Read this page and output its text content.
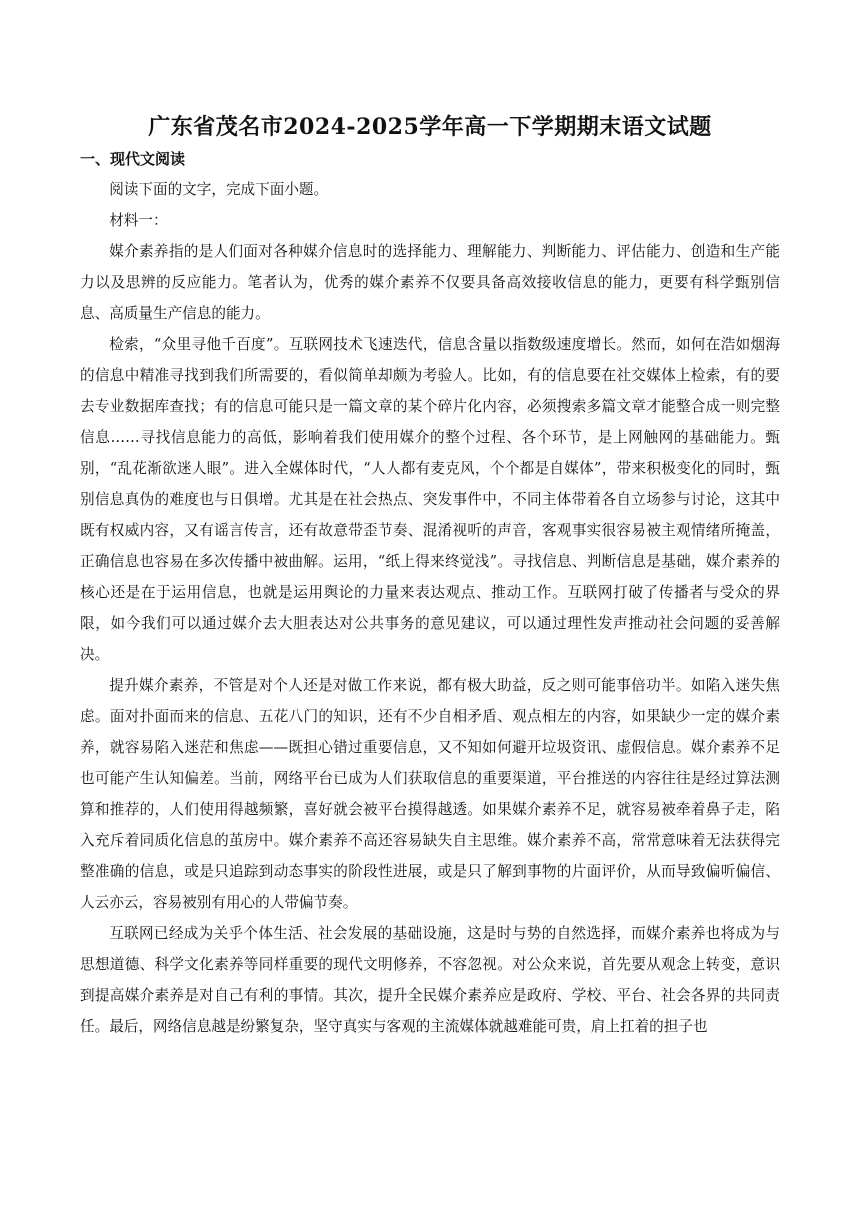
广东省茂名市2024-2025学年高一下学期期末语文试题
一、现代文阅读

阅读下面的文字，完成下面小题。

材料一：

媒介素养指的是人们面对各种媒介信息时的选择能力、理解能力、判断能力、评估能力、创造和生产能力以及思辨的反应能力。笔者认为，优秀的媒介素养不仅要具备高效接收信息的能力，更要有科学甄别信息、高质量生产信息的能力。

检索，“众里寻他千百度”。互联网技术飞速迭代，信息含量以指数级速度增长。然而，如何在浩如烟海的信息中精准寻找到我们所需要的，看似简单却颇为考验人。比如，有的信息要在社交媒体上检索，有的要去专业数据库查找；有的信息可能只是一篇文章的某个碎片化内容，必须搜索多篇文章才能整合成一则完整信息……寻找信息能力的高低，影响着我们使用媒介的整个过程、各个环节，是上网触网的基础能力。甄别，“乱花渐欲迷人眼”。进入全媒体时代，“人人都有麦克风，个个都是自媒体”，带来积极变化的同时，甄别信息真伪的难度也与日俱增。尤其是在社会热点、突发事件中，不同主体带着各自立场参与讨论，这其中既有权威内容，又有谣言传言，还有故意带歪节奏、混淆视听的声音，客观事实很容易被主观情绪所掩盖，正确信息也容易在多次传播中被曲解。运用，“纸上得来终觉浅”。寻找信息、判断信息是基础，媒介素养的核心还是在于运用信息，也就是运用舆论的力量来表达观点、推动工作。互联网打破了传播者与受众的界限，如今我们可以通过媒介去大胆表达对公共事务的意见建议，可以通过理性发声推动社会问题的妥善解决。

提升媒介素养，不管是对个人还是对做工作来说，都有极大助益，反之则可能事倍功半。如陷入迷失焦虑。面对扑面而来的信息、五花八门的知识，还有不少自相矛盾、观点相左的内容，如果缺少一定的媒介素养，就容易陷入迷茫和焦虑——既担心错过重要信息，又不知如何避开垃圾资讯、虚假信息。媒介素养不足也可能产生认知偏差。当前，网络平台已成为人们获取信息的重要渠道，平台推送的内容往往是经过算法测算和推荐的，人们使用得越频繁，喜好就会被平台摸得越透。如果媒介素养不足，就容易被牵着鼻子走，陷入充斥着同质化信息的茧房中。媒介素养不高还容易缺失自主思维。媒介素养不高，常常意味着无法获得完整准确的信息，或是只追踪到动态事实的阶段性进展，或是只了解到事物的片面评价，从而导致偏听偏信、人云亦云，容易被别有用心的人带偏节奏。

互联网已经成为关乎个体生活、社会发展的基础设施，这是时与势的自然选择，而媒介素养也将成为与思想道德、科学文化素养等同样重要的现代文明修养，不容忽视。对公众来说，首先要从观念上转变，意识到提高媒介素养是对自己有利的事情。其次，提升全民媒介素养应是政府、学校、平台、社会各界的共同责任。最后，网络信息越是纷繁复杂，坚守真实与客观的主流媒体就越难能可贵，肩上扛着的担子也
